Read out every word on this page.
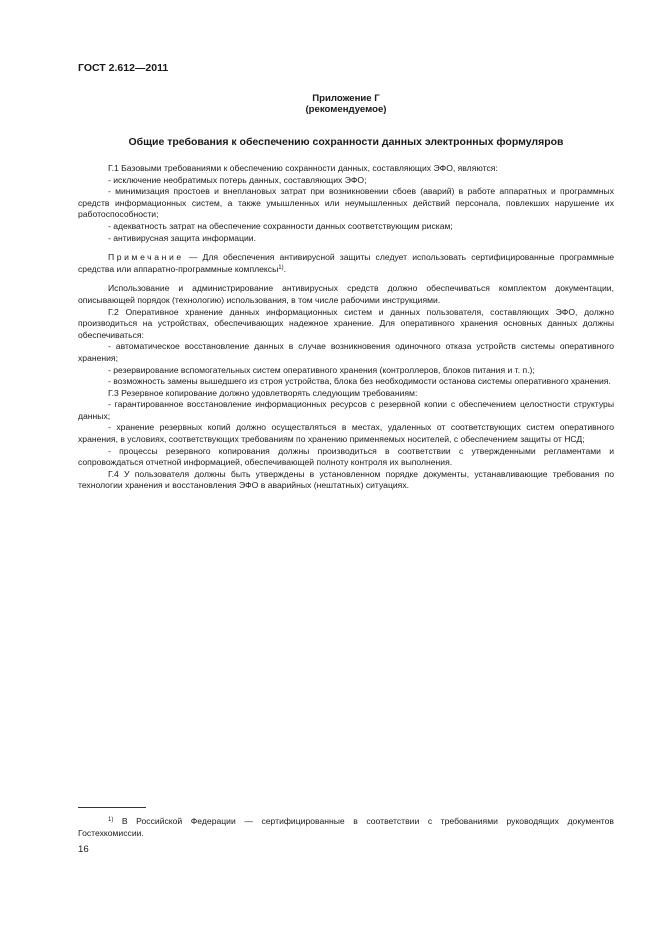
ГОСТ 2.612—2011
Приложение Г
(рекомендуемое)
Общие требования к обеспечению сохранности данных электронных формуляров

Г.1 Базовыми требованиями к обеспечению сохранности данных, составляющих ЭФО, являются:

- исключение необратимых потерь данных, составляющих ЭФО;

- минимизация простоев и внеплановых затрат при возникновении сбоев (аварий) в работе аппаратных и программных средств информационных систем, а также умышленных или неумышленных действий персонала, повлекших нарушение их работоспособности;

- адекватность затрат на обеспечение сохранности данных соответствующим рискам;

- антивирусная защита информации.

Примечание — Для обеспечения антивирусной защиты следует использовать сертифицированные программные средства или аппаратно-программные комплексы$^{1)}$.

Использование и администрирование антивирусных средств должно обеспечиваться комплектом документации, описывающей порядок (технологию) использования, в том числе рабочими инструкциями.

Г.2 Оперативное хранение данных информационных систем и данных пользователя, составляющих ЭФО, должно производиться на устройствах, обеспечивающих надежное хранение. Для оперативного хранения основных данных должны обеспечиваться:

- автоматическое восстановление данных в случае возникновения одиночного отказа устройств системы оперативного хранения;

- резервирование вспомогательных систем оперативного хранения (контроллеров, блоков питания и т. п.);

- возможность замены вышедшего из строя устройства, блока без необходимости останова системы оперативного хранения.

Г.3 Резервное копирование должно удовлетворять следующим требованиям:

- гарантированное восстановление информационных ресурсов с резервной копии с обеспечением целостности структуры данных;

- хранение резервных копий должно осуществляться в местах, удаленных от соответствующих систем оперативного хранения, в условиях, соответствующих требованиям по хранению применяемых носителей, с обеспечением защиты от НСД;

- процессы резервного копирования должны производиться в соответствии с утвержденными регламентами и сопровождаться отчетной информацией, обеспечивающей полноту контроля их выполнения.

Г.4 У пользователя должны быть утверждены в установленном порядке документы, устанавливающие требования по технологии хранения и восстановления ЭФО в аварийных (нештатных) ситуациях.

$^{1)}$ В Российской Федерации — сертифицированные в соответствии с требованиями руководящих документов Гостехкомиссии.

16
